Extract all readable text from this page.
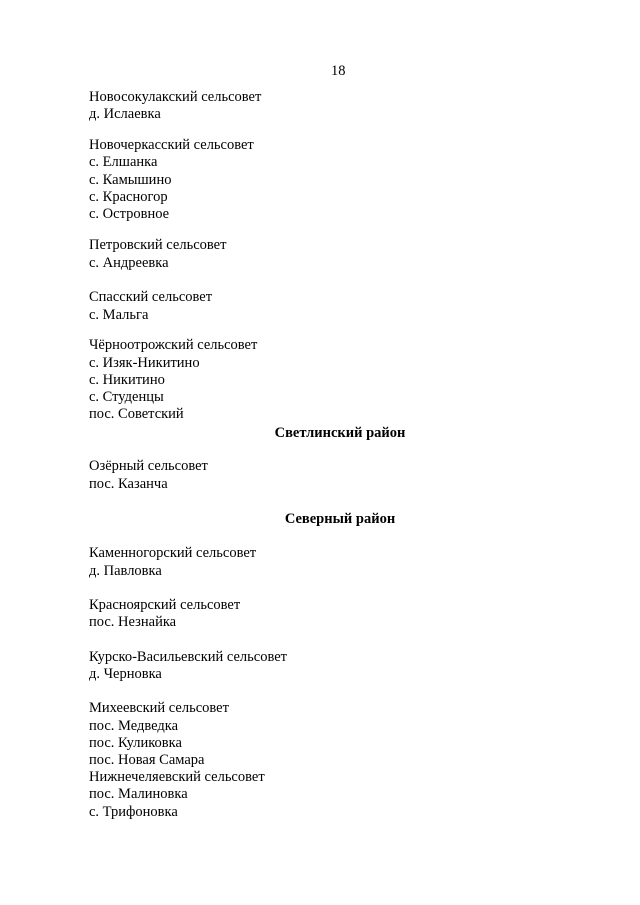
18
Новосокулакский сельсовет
д. Ислаевка
Новочеркасский сельсовет
с. Елшанка
с. Камышино
с. Красногор
с. Островное
Петровский сельсовет
с. Андреевка
Спасский сельсовет
с. Мальга
Чёрноотрожский сельсовет
с. Изяк-Никитино
с. Никитино
с. Студенцы
пос. Советский
Светлинский район
Озёрный сельсовет
пос. Казанча
Северный район
Каменногорский сельсовет
д. Павловка
Красноярский сельсовет
пос. Незнайка
Курско-Васильевский сельсовет
д. Черновка
Михеевский сельсовет
пос. Медведка
пос. Куликовка
пос. Новая Самара
Нижнечеляевский сельсовет
пос. Малиновка
с. Трифоновка
